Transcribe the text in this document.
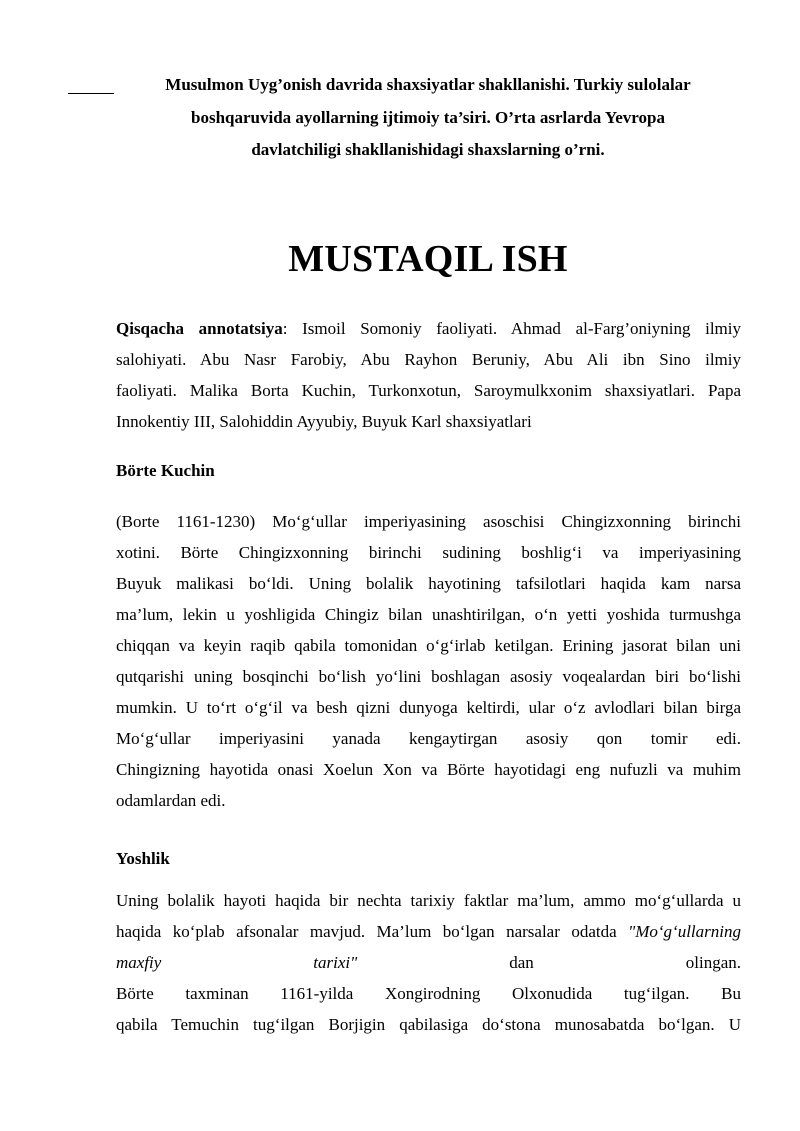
Musulmon Uyg’onish davrida shaxsiyatlar shakllanishi. Turkiy sulolalar
boshqaruvida ayollarning ijtimoiy ta’siri. O’rta asrlarda Yevropa
davlatchiligi shakllanishidagi shaxslarning o’rni.
MUSTAQIL ISH
Qisqacha annotatsiya: Ismoil Somoniy faoliyati. Ahmad al-Farg’oniyning ilmiy
salohiyati. Abu Nasr Farobiy, Abu Rayhon Beruniy, Abu Ali ibn Sino ilmiy
faoliyati. Malika Borta Kuchin, Turkonxotun, Saroymulkxonim shaxsiyatlari. Papa
Innokentiy III, Salohiddin Ayyubiy, Buyuk Karl shaxsiyatlari
Börte Kuchin
(Borte 1161-1230) Mo‘g‘ullar imperiyasining asoschisi Chingizxonning birinchi
xotini. Börte Chingizxonning birinchi sudining boshlig‘i va imperiyasining
Buyuk malikasi bo‘ldi. Uning bolalik hayotining tafsilotlari haqida kam narsa
ma’lum, lekin u yoshligida Chingiz bilan unashtirilgan, o‘n yetti yoshida turmushga
chiqqan va keyin raqib qabila tomonidan o‘g‘irlab ketilgan. Erining jasorat bilan uni
qutqarishi uning bosqinchi bo‘lish yo‘lini boshlagan asosiy voqealardan biri bo‘lishi
mumkin. U to‘rt o‘g‘il va besh qizni dunyoga keltirdi, ular o‘z avlodlari bilan birga
Mo‘g‘ullar imperiyasini yanada kengaytirgan asosiy qon tomir edi.
Chingizning hayotida onasi Xoelun Xon va Börte hayotidagi eng nufuzli va muhim
odamlardan edi.
Yoshlik
Uning bolalik hayoti haqida bir nechta tarixiy faktlar ma’lum, ammo mo‘g‘ullarda u
haqida ko‘plab afsonalar mavjud. Ma’lum bo‘lgan narsalar odatda "Mo‘g‘ullarning
maxfiy	tarixi"	dan	olingan.
Börte taxminan 1161-yilda Xongirodning Olxonudida tug‘ilgan. Bu
qabila Temuchin tug‘ilgan Borjigin qabilasiga do‘stona munosabatda bo‘lgan. U
